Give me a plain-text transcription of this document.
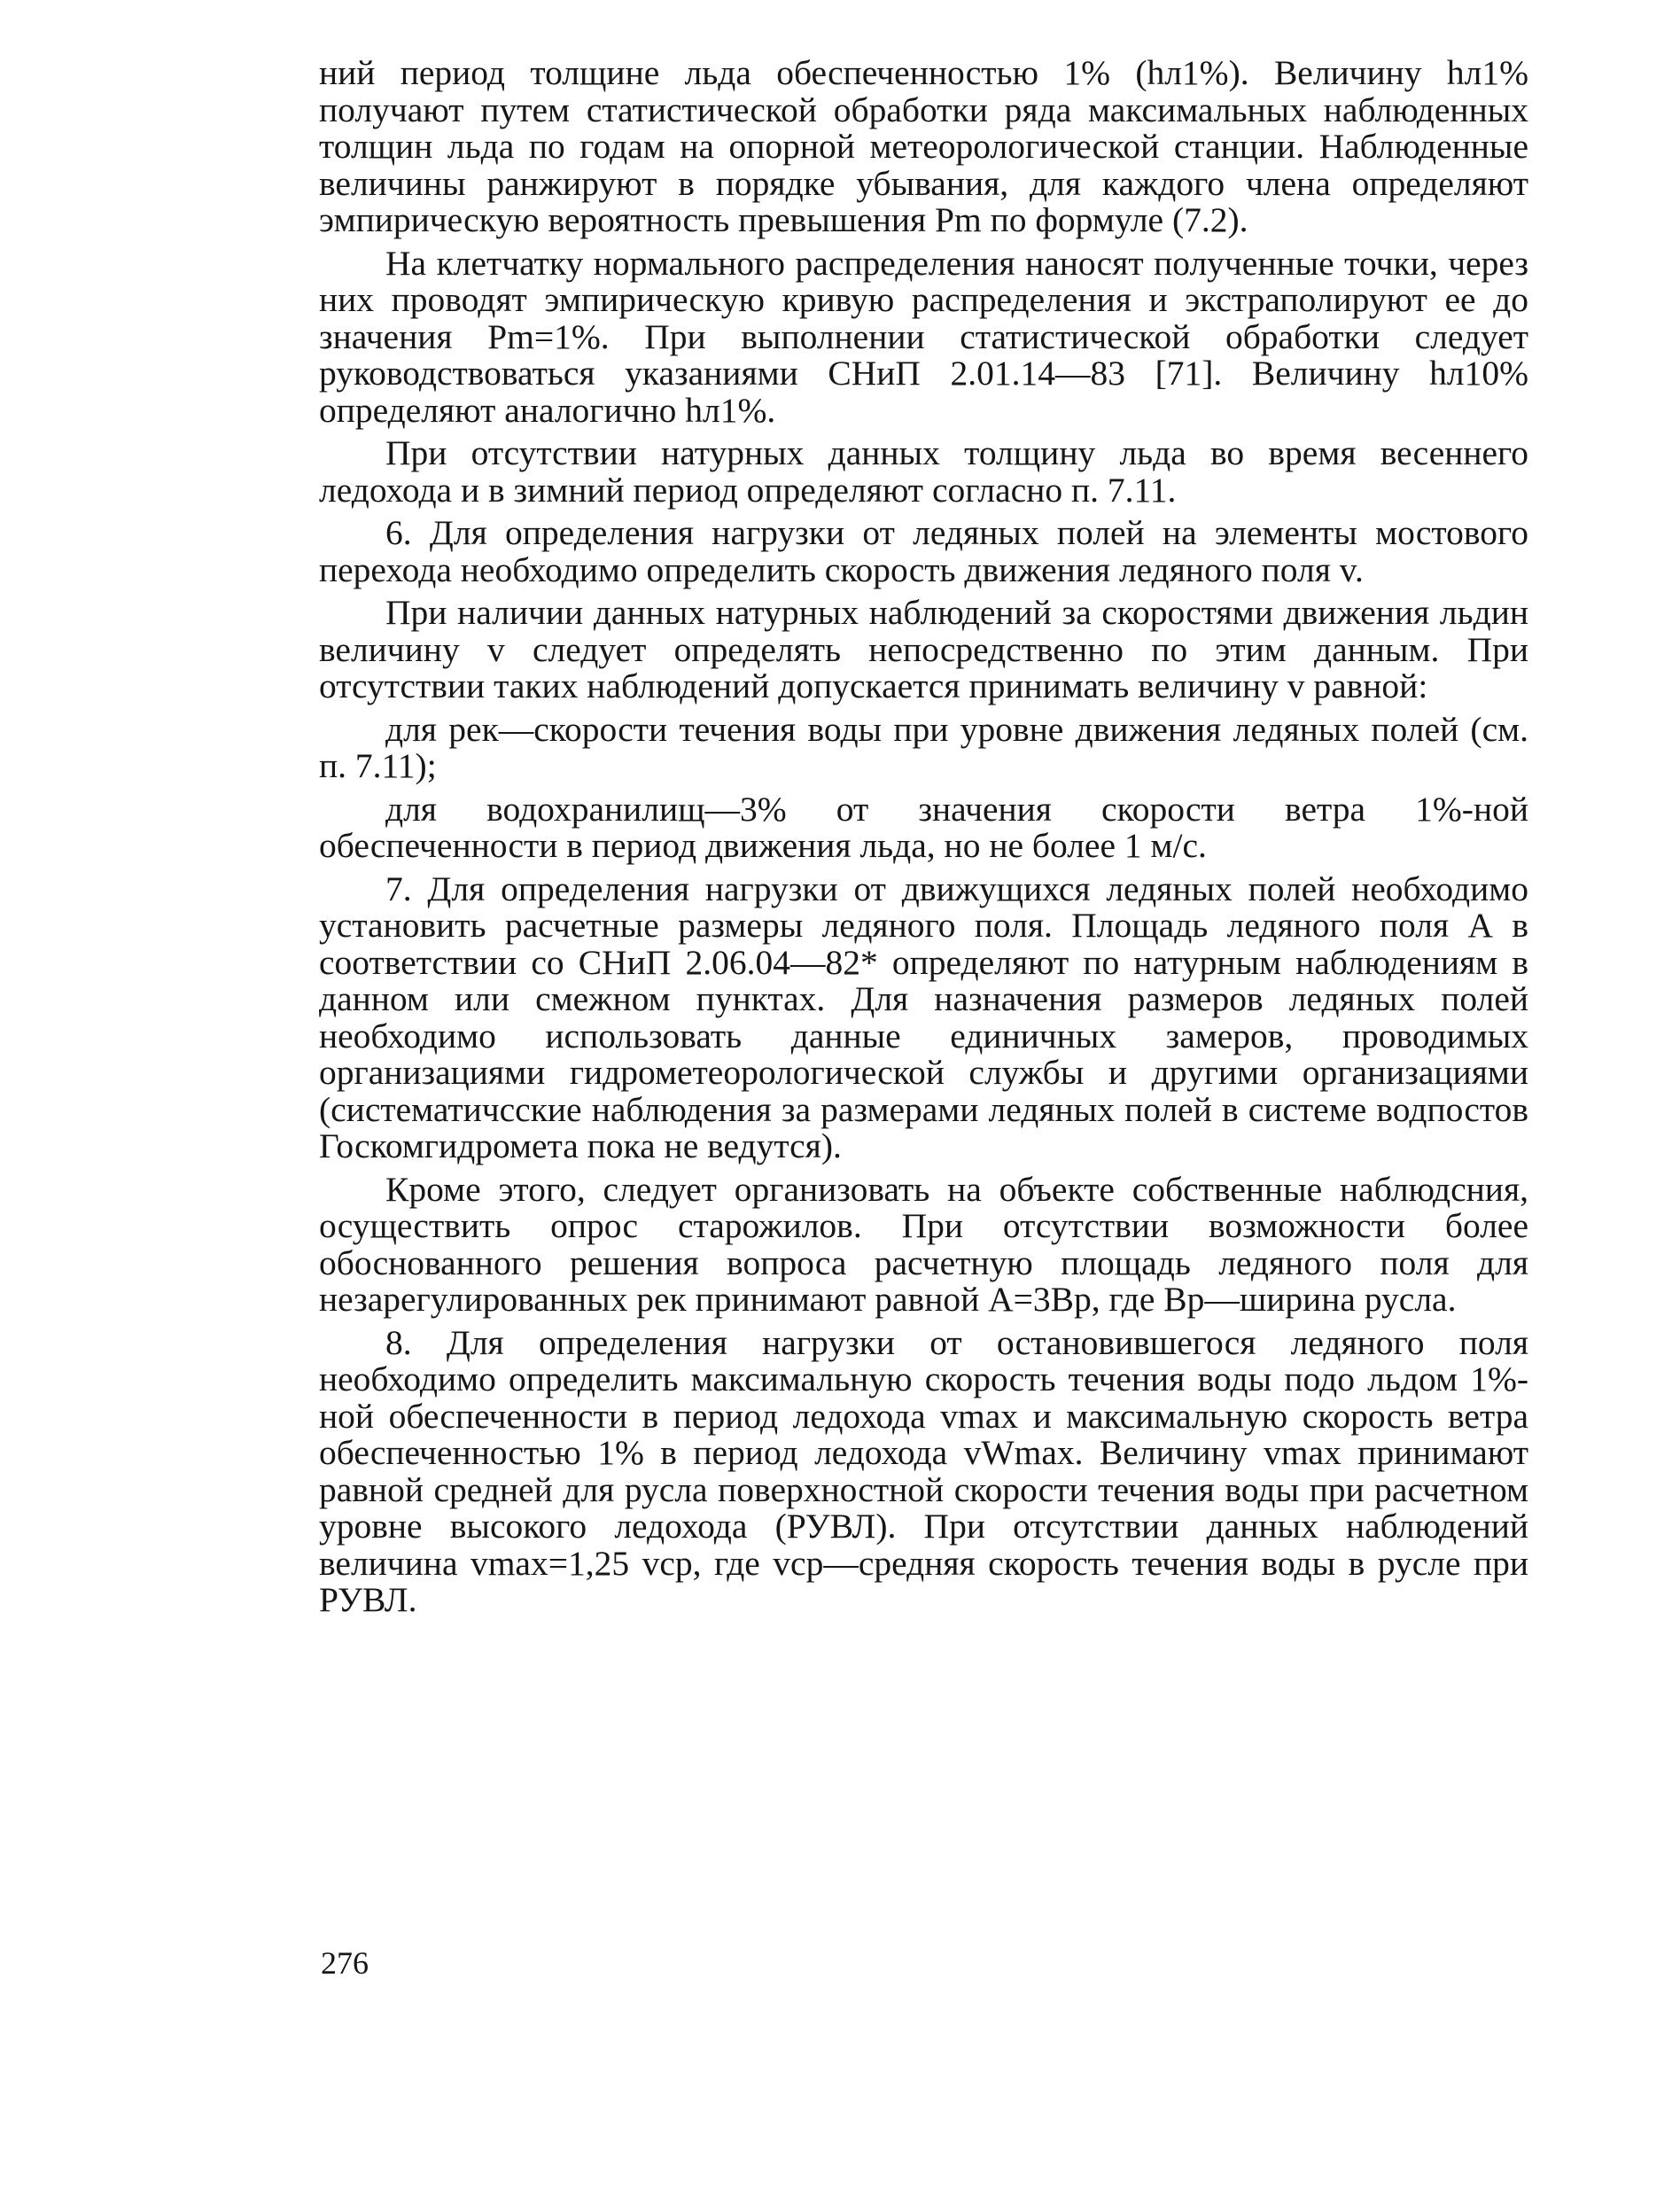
ний период толщине льда обеспеченностью 1% (hл1%). Величину hл1% получают путем статистической обработки ряда максимальных наблюденных толщин льда по годам на опорной метеорологической станции. Наблюденные величины ранжируют в порядке убывания, для каждого члена определяют эмпирическую вероятность превышения Pm по формуле (7.2).

На клетчатку нормального распределения наносят полученные точки, через них проводят эмпирическую кривую распределения и экстраполируют ее до значения Pm=1%. При выполнении статистической обработки следует руководствоваться указаниями СНиП 2.01.14—83 [71]. Величину hл10% определяют аналогично hл1%.

При отсутствии натурных данных толщину льда во время весеннего ледохода и в зимний период определяют согласно п. 7.11.

6. Для определения нагрузки от ледяных полей на элементы мостового перехода необходимо определить скорость движения ледяного поля v.

При наличии данных натурных наблюдений за скоростями движения льдин величину v следует определять непосредственно по этим данным. При отсутствии таких наблюдений допускается принимать величину v равной:

для рек—скорости течения воды при уровне движения ледяных полей (см. п. 7.11);

для водохранилищ—3% от значения скорости ветра 1%-ной обеспеченности в период движения льда, но не более 1 м/с.

7. Для определения нагрузки от движущихся ледяных полей необходимо установить расчетные размеры ледяного поля. Площадь ледяного поля А в соответствии со СНиП 2.06.04—82* определяют по натурным наблюдениям в данном или смежном пунктах. Для назначения размеров ледяных полей необходимо использовать данные единичных замеров, проводимых организациями гидрометеорологической службы и другими организациями (систематичсские наблюдения за размерами ледяных полей в системе водпостов Госкомгидромета пока не ведутся).

Кроме этого, следует организовать на объекте собственные наблюдсния, осуществить опрос старожилов. При отсутствии возможности более обоснованного решения вопроса расчетную площадь ледяного поля для незарегулированных рек принимают равной А=3Bр, где Bр—ширина русла.

8. Для определения нагрузки от остановившегося ледяного поля необходимо определить максимальную скорость течения воды подо льдом 1%-ной обеспеченности в период ледохода vmax и максимальную скорость ветра обеспеченностью 1% в период ледохода vWmax. Величину vmax принимают равной средней для русла поверхностной скорости течения воды при расчетном уровне высокого ледохода (РУВЛ). При отсутствии данных наблюдений величина vmax=1,25 vср, где vср—средняя скорость течения воды в русле при РУВЛ.

276
